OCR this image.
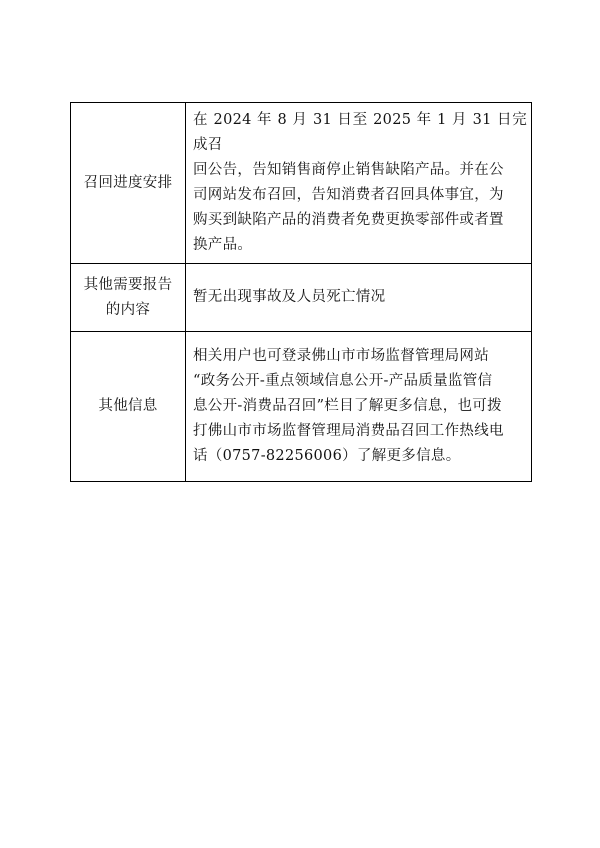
召回进度安排	在 2024 年 8 月 31 日至 2025 年 1 月 31 日完成召
回公告，告知销售商停止销售缺陷产品。并在公
司网站发布召回，告知消费者召回具体事宜，为
购买到缺陷产品的消费者免费更换零部件或者置
换产品。

其他需要报告
的内容	暂无出现事故及人员死亡情况

其他信息	相关用户也可登录佛山市市场监督管理局网站
“政务公开-重点领域信息公开-产品质量监管信
息公开-消费品召回”栏目了解更多信息，也可拨
打佛山市市场监督管理局消费品召回工作热线电
话（0757-82256006）了解更多信息。
